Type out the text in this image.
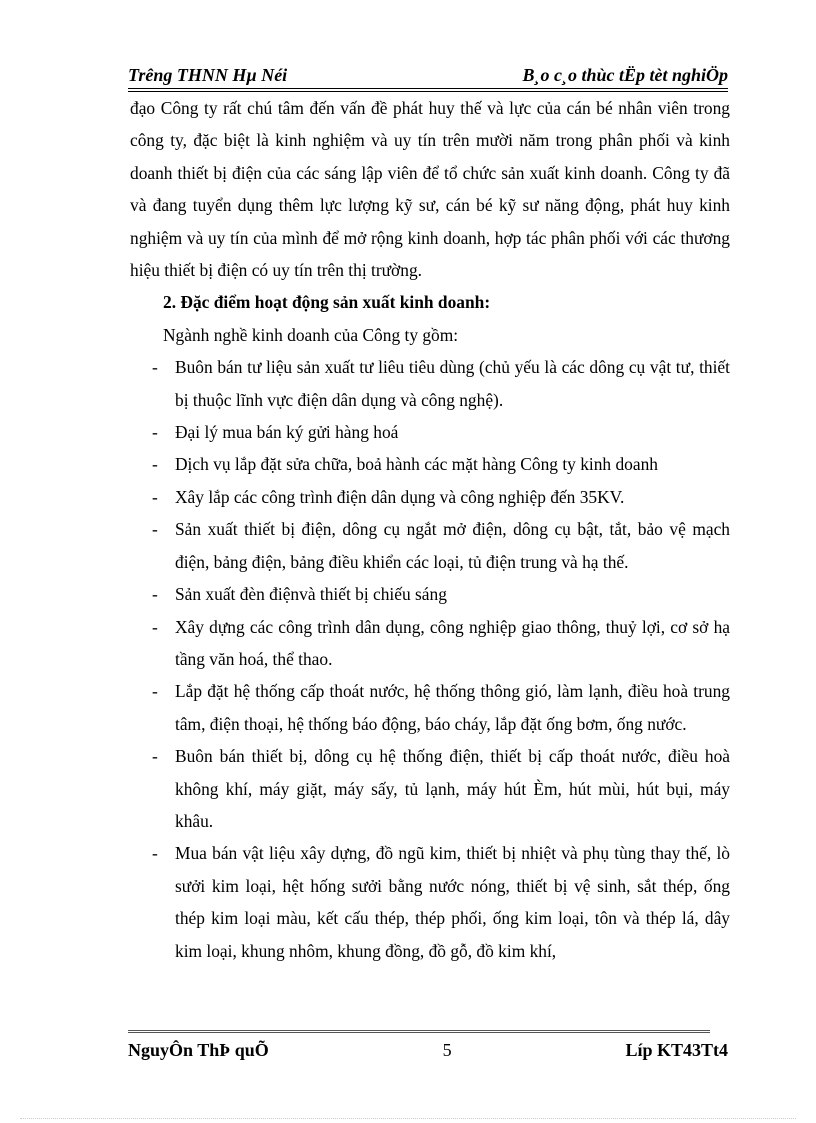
Trêng THNN Hµ Néi	B¸o c¸o thùc tËp tèt nghiÖp

đạo Công ty rất chú tâm đến vấn đề phát huy thế và lực của cán bé nhân viên trong công ty, đặc biệt là kinh nghiệm và uy tín trên mười năm trong phân phối và kinh doanh thiết bị điện của các sáng lập viên để tổ chức sản xuất kinh doanh. Công ty đã và đang tuyển dụng thêm lực lượng kỹ sư, cán bé kỹ sư năng động, phát huy kinh nghiệm và uy tín của mình để mở rộng kinh doanh, hợp tác phân phối với các thương hiệu thiết bị điện có uy tín trên thị trường.

2. Đặc điểm hoạt động sản xuất kinh doanh:

Ngành nghề kinh doanh của Công ty gồm:

- Buôn bán tư liệu sản xuất tư liêu tiêu dùng (chủ yếu là các dông cụ vật tư, thiết bị thuộc lĩnh vực điện dân dụng và công nghệ).
- Đại lý mua bán ký gửi hàng hoá
- Dịch vụ lắp đặt sửa chữa, boả hành các mặt hàng Công ty kinh doanh
- Xây lắp các công trình điện dân dụng và công nghiệp đến 35KV.
- Sản xuất thiết bị điện, dông cụ ngắt mở điện, dông cụ bật, tắt, bảo vệ mạch điện, bảng điện, bảng điều khiển các loại, tủ điện trung và hạ thế.
- Sản xuất đèn điệnvà thiết bị chiếu sáng
- Xây dựng các công trình dân dụng, công nghiệp giao thông, thuỷ lợi, cơ sở hạ tầng văn hoá, thể thao.
- Lắp đặt hệ thống cấp thoát nước, hệ thống thông gió, làm lạnh, điều hoà trung tâm, điện thoại, hệ thống báo động, báo cháy, lắp đặt ống bơm, ống nước.
- Buôn bán thiết bị, dông cụ hệ thống điện, thiết bị cấp thoát nước, điều hoà không khí, máy giặt, máy sấy, tủ lạnh, máy hút Èm, hút mùi, hút bụi, máy khâu.
- Mua bán vật liệu xây dựng, đồ ngũ kim, thiết bị nhiệt và phụ tùng thay thế, lò sưởi kim loại, hệt hống sưởi bằng nước nóng, thiết bị vệ sinh, sắt thép, ống thép kim loại màu, kết cấu thép, thép phối, ống kim loại, tôn và thép lá, dây kim loại, khung nhôm, khung đồng, đồ gỗ, đồ kim khí,
NguyÔn ThÞ quÕ	5	Líp KT43Tt4
